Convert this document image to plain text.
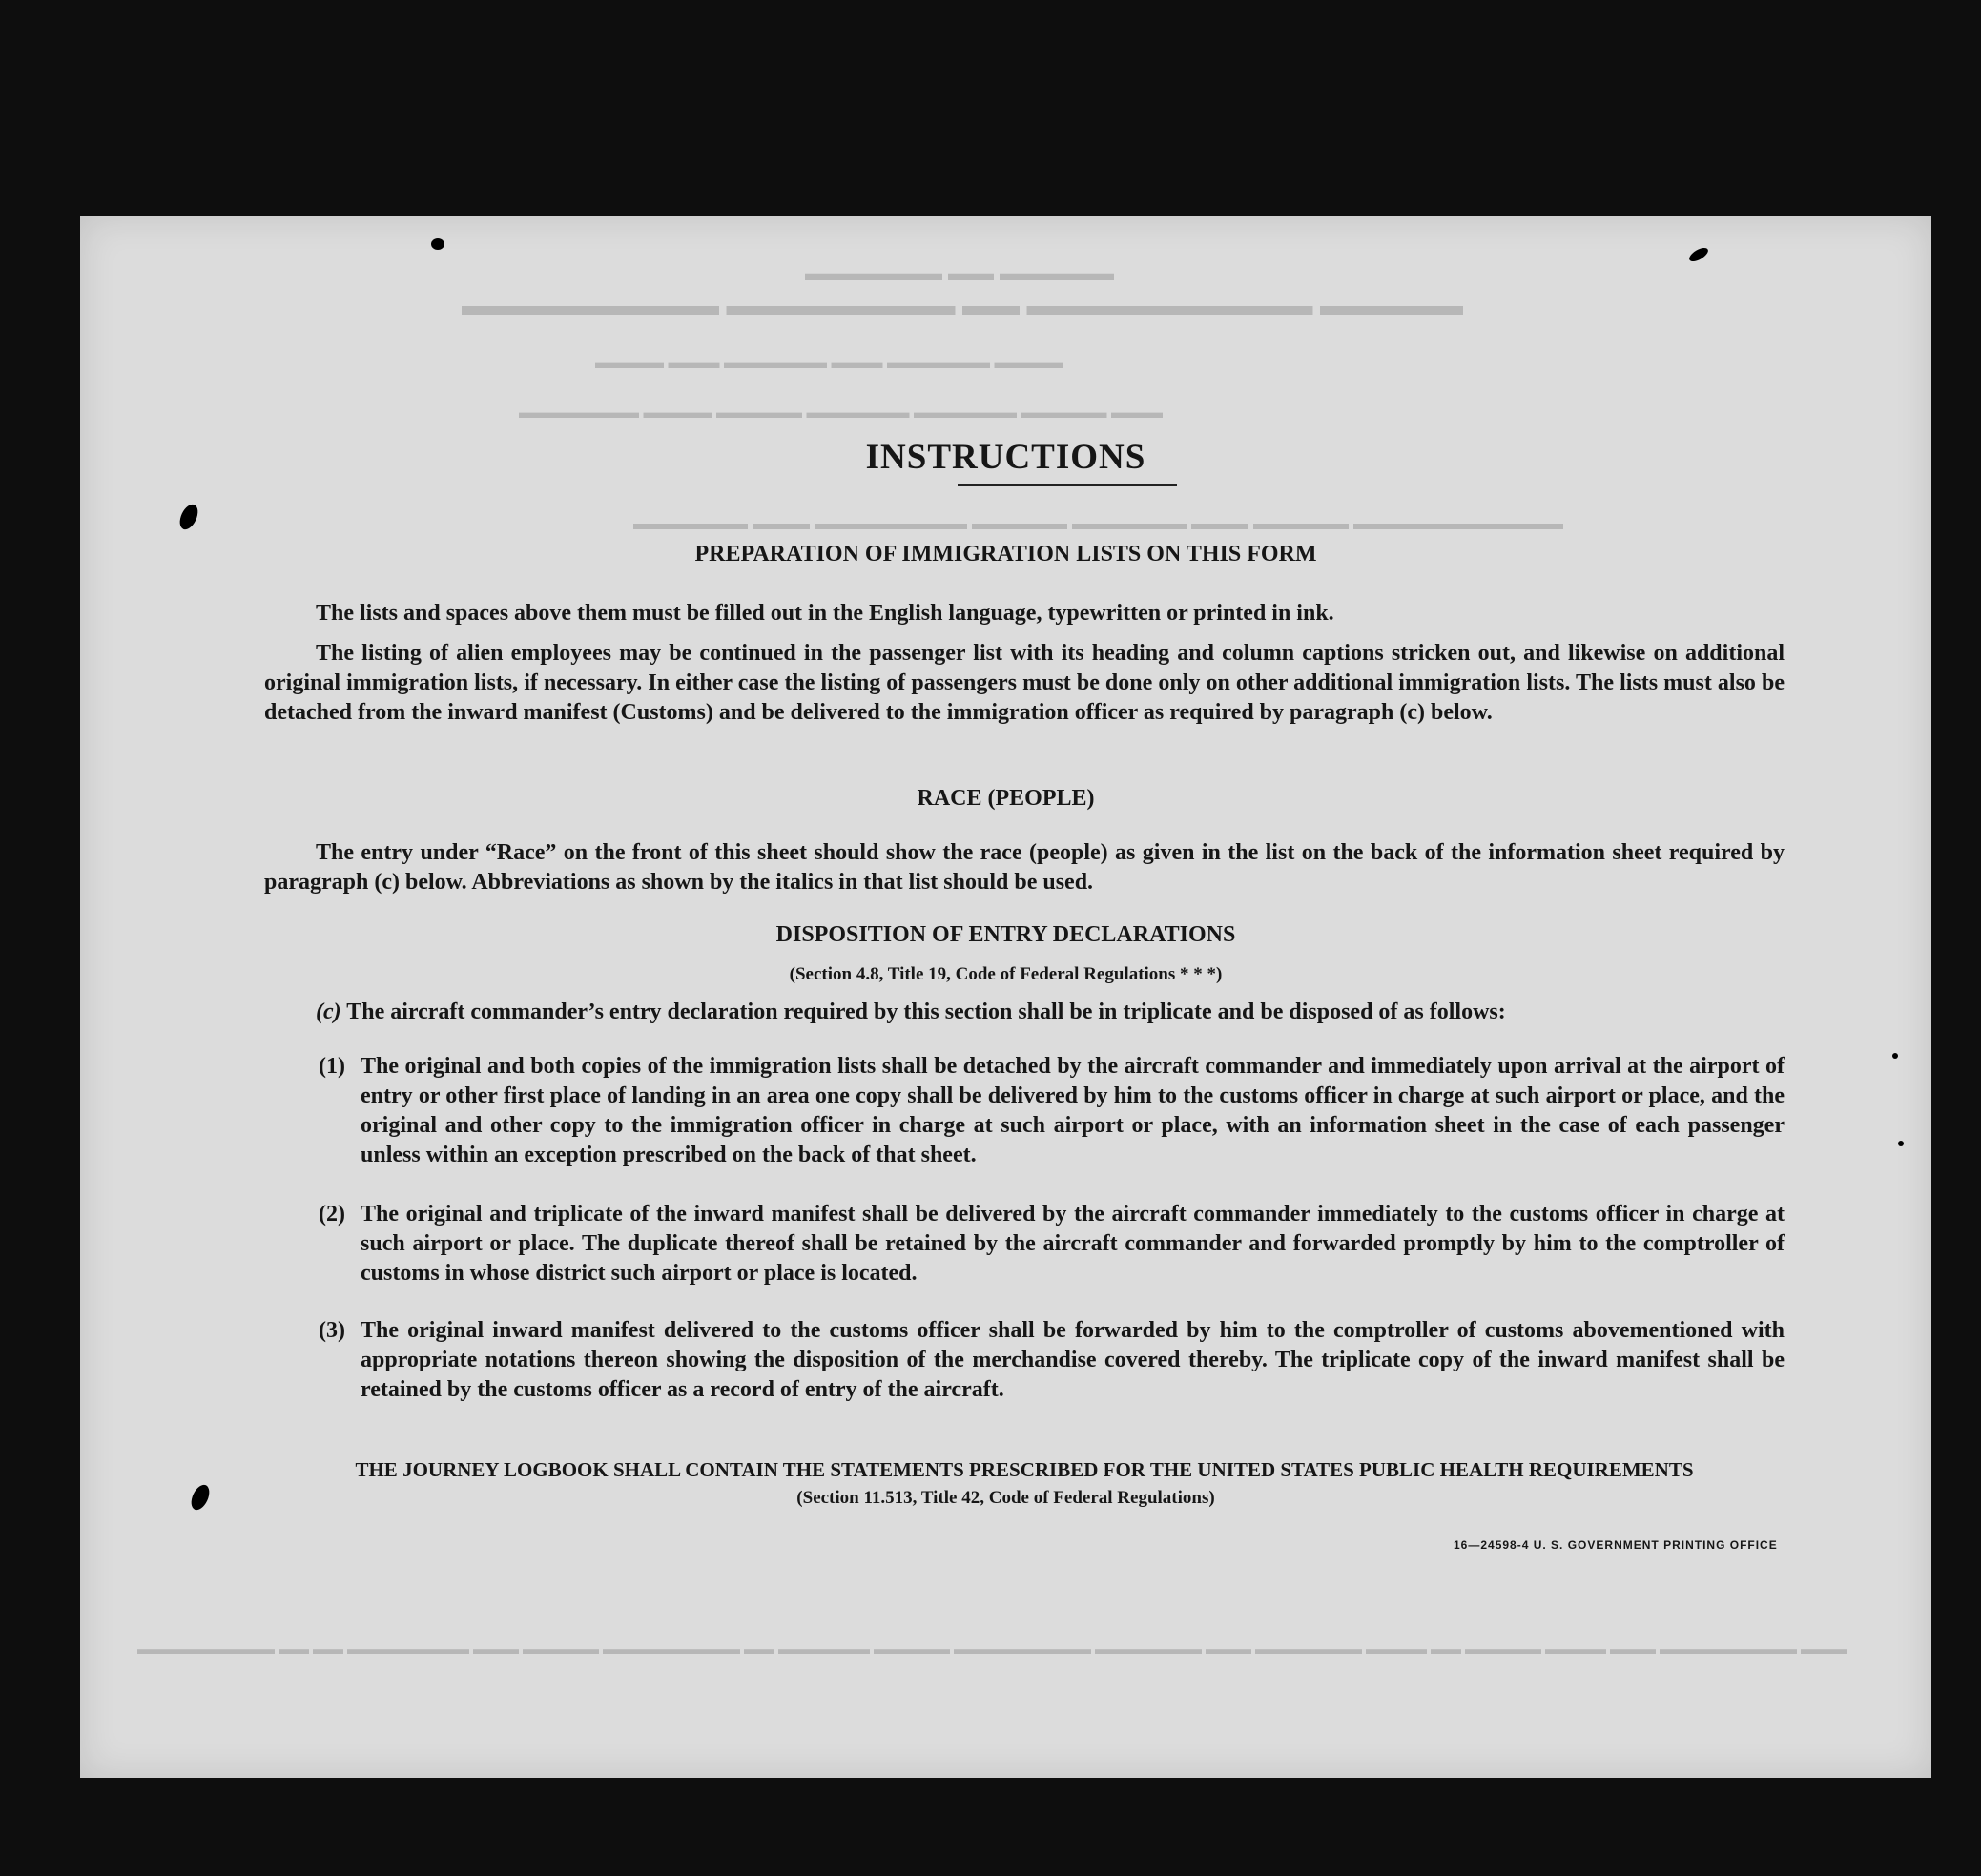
▬▬▬▬▬ ▬▬ ▬▬▬▬▬▬
▬▬▬▬▬ ▬▬▬▬▬▬▬▬▬▬ ▬▬ ▬▬▬▬▬▬▬▬ ▬▬▬▬▬▬▬▬▬
▬▬▬▬ ▬▬▬▬▬▬ ▬▬▬ ▬▬▬▬▬▬ ▬▬▬ ▬▬▬▬
▬▬▬ ▬▬▬▬▬ ▬▬▬▬▬▬ ▬▬▬▬▬▬ ▬▬▬▬▬ ▬▬▬▬ ▬▬▬▬▬▬▬
▬▬▬▬▬▬▬▬▬▬▬ ▬▬▬▬▬ ▬▬▬ ▬▬▬▬▬▬ ▬▬▬▬▬ ▬▬▬▬▬▬▬▬ ▬▬▬ ▬▬▬▬▬▬
▬▬▬ ▬▬▬▬▬▬▬▬▬ ▬▬▬ ▬▬▬▬ ▬▬▬▬▬ ▬▬ ▬▬▬▬ ▬▬▬▬▬▬▬ ▬▬▬ ▬▬▬▬▬▬▬ ▬▬▬▬▬▬▬▬▬ ▬▬▬▬▬ ▬▬▬▬▬▬ ▬▬ ▬▬▬▬▬▬▬▬▬ ▬▬▬▬▬ ▬▬▬ ▬▬▬▬▬▬▬▬ ▬▬ ▬▬ ▬▬▬▬▬▬▬▬▬
INSTRUCTIONS
PREPARATION OF IMMIGRATION LISTS ON THIS FORM
The lists and spaces above them must be filled out in the English language, typewritten or printed in ink.
The listing of alien employees may be continued in the passenger list with its heading and column captions stricken out, and likewise on additional original immigration lists, if necessary. In either case the listing of passengers must be done only on other additional immigration lists. The lists must also be detached from the inward manifest (Customs) and be delivered to the immigration officer as required by paragraph (c) below.
RACE (PEOPLE)
The entry under “Race” on the front of this sheet should show the race (people) as given in the list on the back of the information sheet required by paragraph (c) below. Abbreviations as shown by the italics in that list should be used.
DISPOSITION OF ENTRY DECLARATIONS
(Section 4.8, Title 19, Code of Federal Regulations * * *)
(c) The aircraft commander’s entry declaration required by this section shall be in triplicate and be disposed of as follows:
(1) The original and both copies of the immigration lists shall be detached by the aircraft commander and immediately upon arrival at the airport of entry or other first place of landing in an area one copy shall be delivered by him to the customs officer in charge at such airport or place, and the original and other copy to the immigration officer in charge at such airport or place, with an information sheet in the case of each passenger unless within an exception prescribed on the back of that sheet.
(2) The original and triplicate of the inward manifest shall be delivered by the aircraft commander immediately to the customs officer in charge at such airport or place. The duplicate thereof shall be retained by the aircraft commander and forwarded promptly by him to the comptroller of customs in whose district such airport or place is located.
(3) The original inward manifest delivered to the customs officer shall be forwarded by him to the comptroller of customs abovementioned with appropriate notations thereon showing the disposition of the merchandise covered thereby. The triplicate copy of the inward manifest shall be retained by the customs officer as a record of entry of the aircraft.
THE JOURNEY LOGBOOK SHALL CONTAIN THE STATEMENTS PRESCRIBED FOR THE UNITED STATES PUBLIC HEALTH REQUIREMENTS
(Section 11.513, Title 42, Code of Federal Regulations)
16—24598-4 U. S. GOVERNMENT PRINTING OFFICE
